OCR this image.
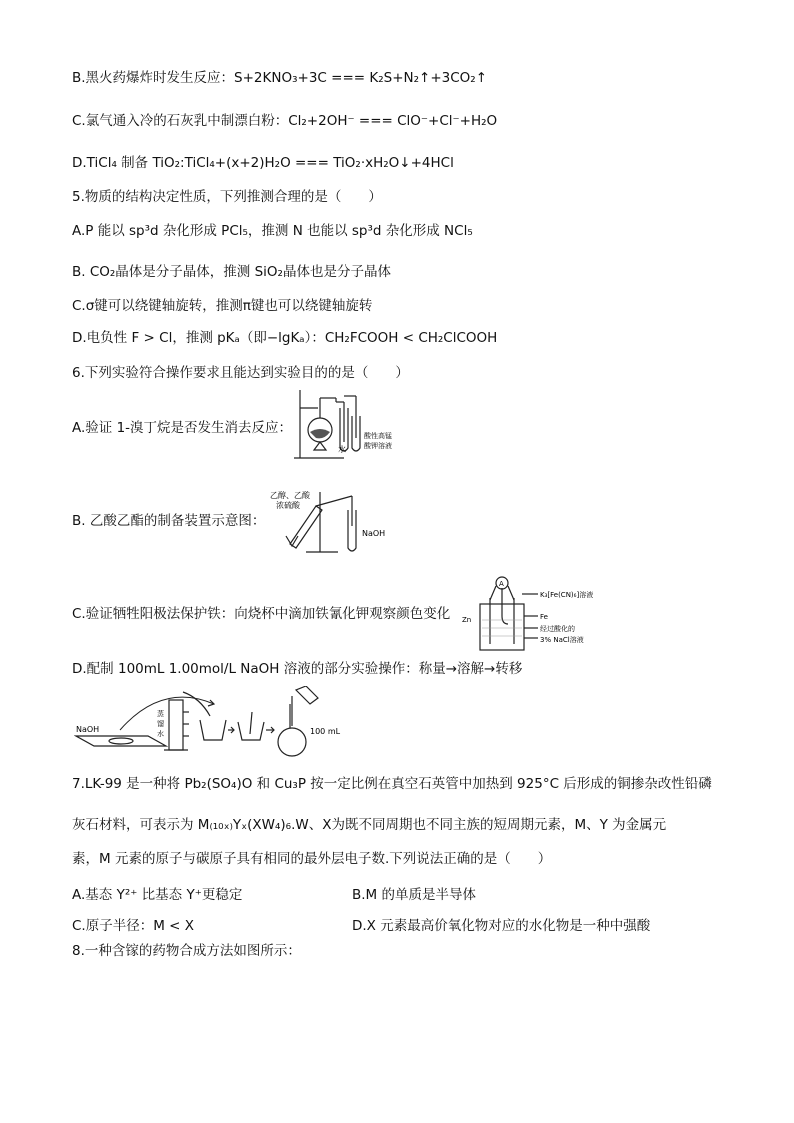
B.黑火药爆炸时发生反应：S+2KNO₃+3C === K₂S+N₂↑+3CO₂↑
C.氯气通入冷的石灰乳中制漂白粉：Cl₂+2OH⁻ === ClO⁻+Cl⁻+H₂O
D.TiCl₄ 制备 TiO₂:TiCl₄+(x+2)H₂O === TiO₂·xH₂O↓+4HCl
5.物质的结构决定性质，下列推测合理的是（　　）
A.P 能以 sp³d 杂化形成 PCl₅，推测 N 也能以 sp³d 杂化形成 NCl₅
B. CO₂晶体是分子晶体，推测 SiO₂晶体也是分子晶体
C.σ键可以绕键轴旋转，推测π键也可以绕键轴旋转
D.电负性 F > Cl，推测 pKₐ（即−lgKₐ）：CH₂FCOOH < CH₂ClCOOH
6.下列实验符合操作要求且能达到实验目的的是（　　）
A.验证 1-溴丁烷是否发生消去反应：
B. 乙酸乙酯的制备装置示意图：
C.验证牺牲阳极法保护铁：向烧杯中滴加铁氰化钾观察颜色变化
D.配制 100mL 1.00mol/L NaOH 溶液的部分实验操作：称量→溶解→转移
7.LK-99 是一种将 Pb₂(SO₄)O 和 Cu₃P 按一定比例在真空石英管中加热到 925°C 后形成的铜掺杂改性铅磷
灰石材料，可表示为 M₍₁₀ₓ₎Yₓ(XW₄)₆.W、X为既不同周期也不同主族的短周期元素，M、Y 为金属元
素，M 元素的原子与碳原子具有相同的最外层电子数.下列说法正确的是（　　）
A.基态 Y²⁺ 比基态 Y⁺更稳定	B.M 的单质是半导体
C.原子半径：M < X	D.X 元素最高价氧化物对应的水化物是一种中强酸
8.一种含镓的药物合成方法如图所示：
水
酸性高锰
酸钾溶液
乙醇、乙酸
浓硫酸
NaOH
A
K₃[Fe(CN)₆]溶液
Zn	Fe
经过酸化的
3% NaCl溶液
NaOH
蒸
馏
水	100 mL
